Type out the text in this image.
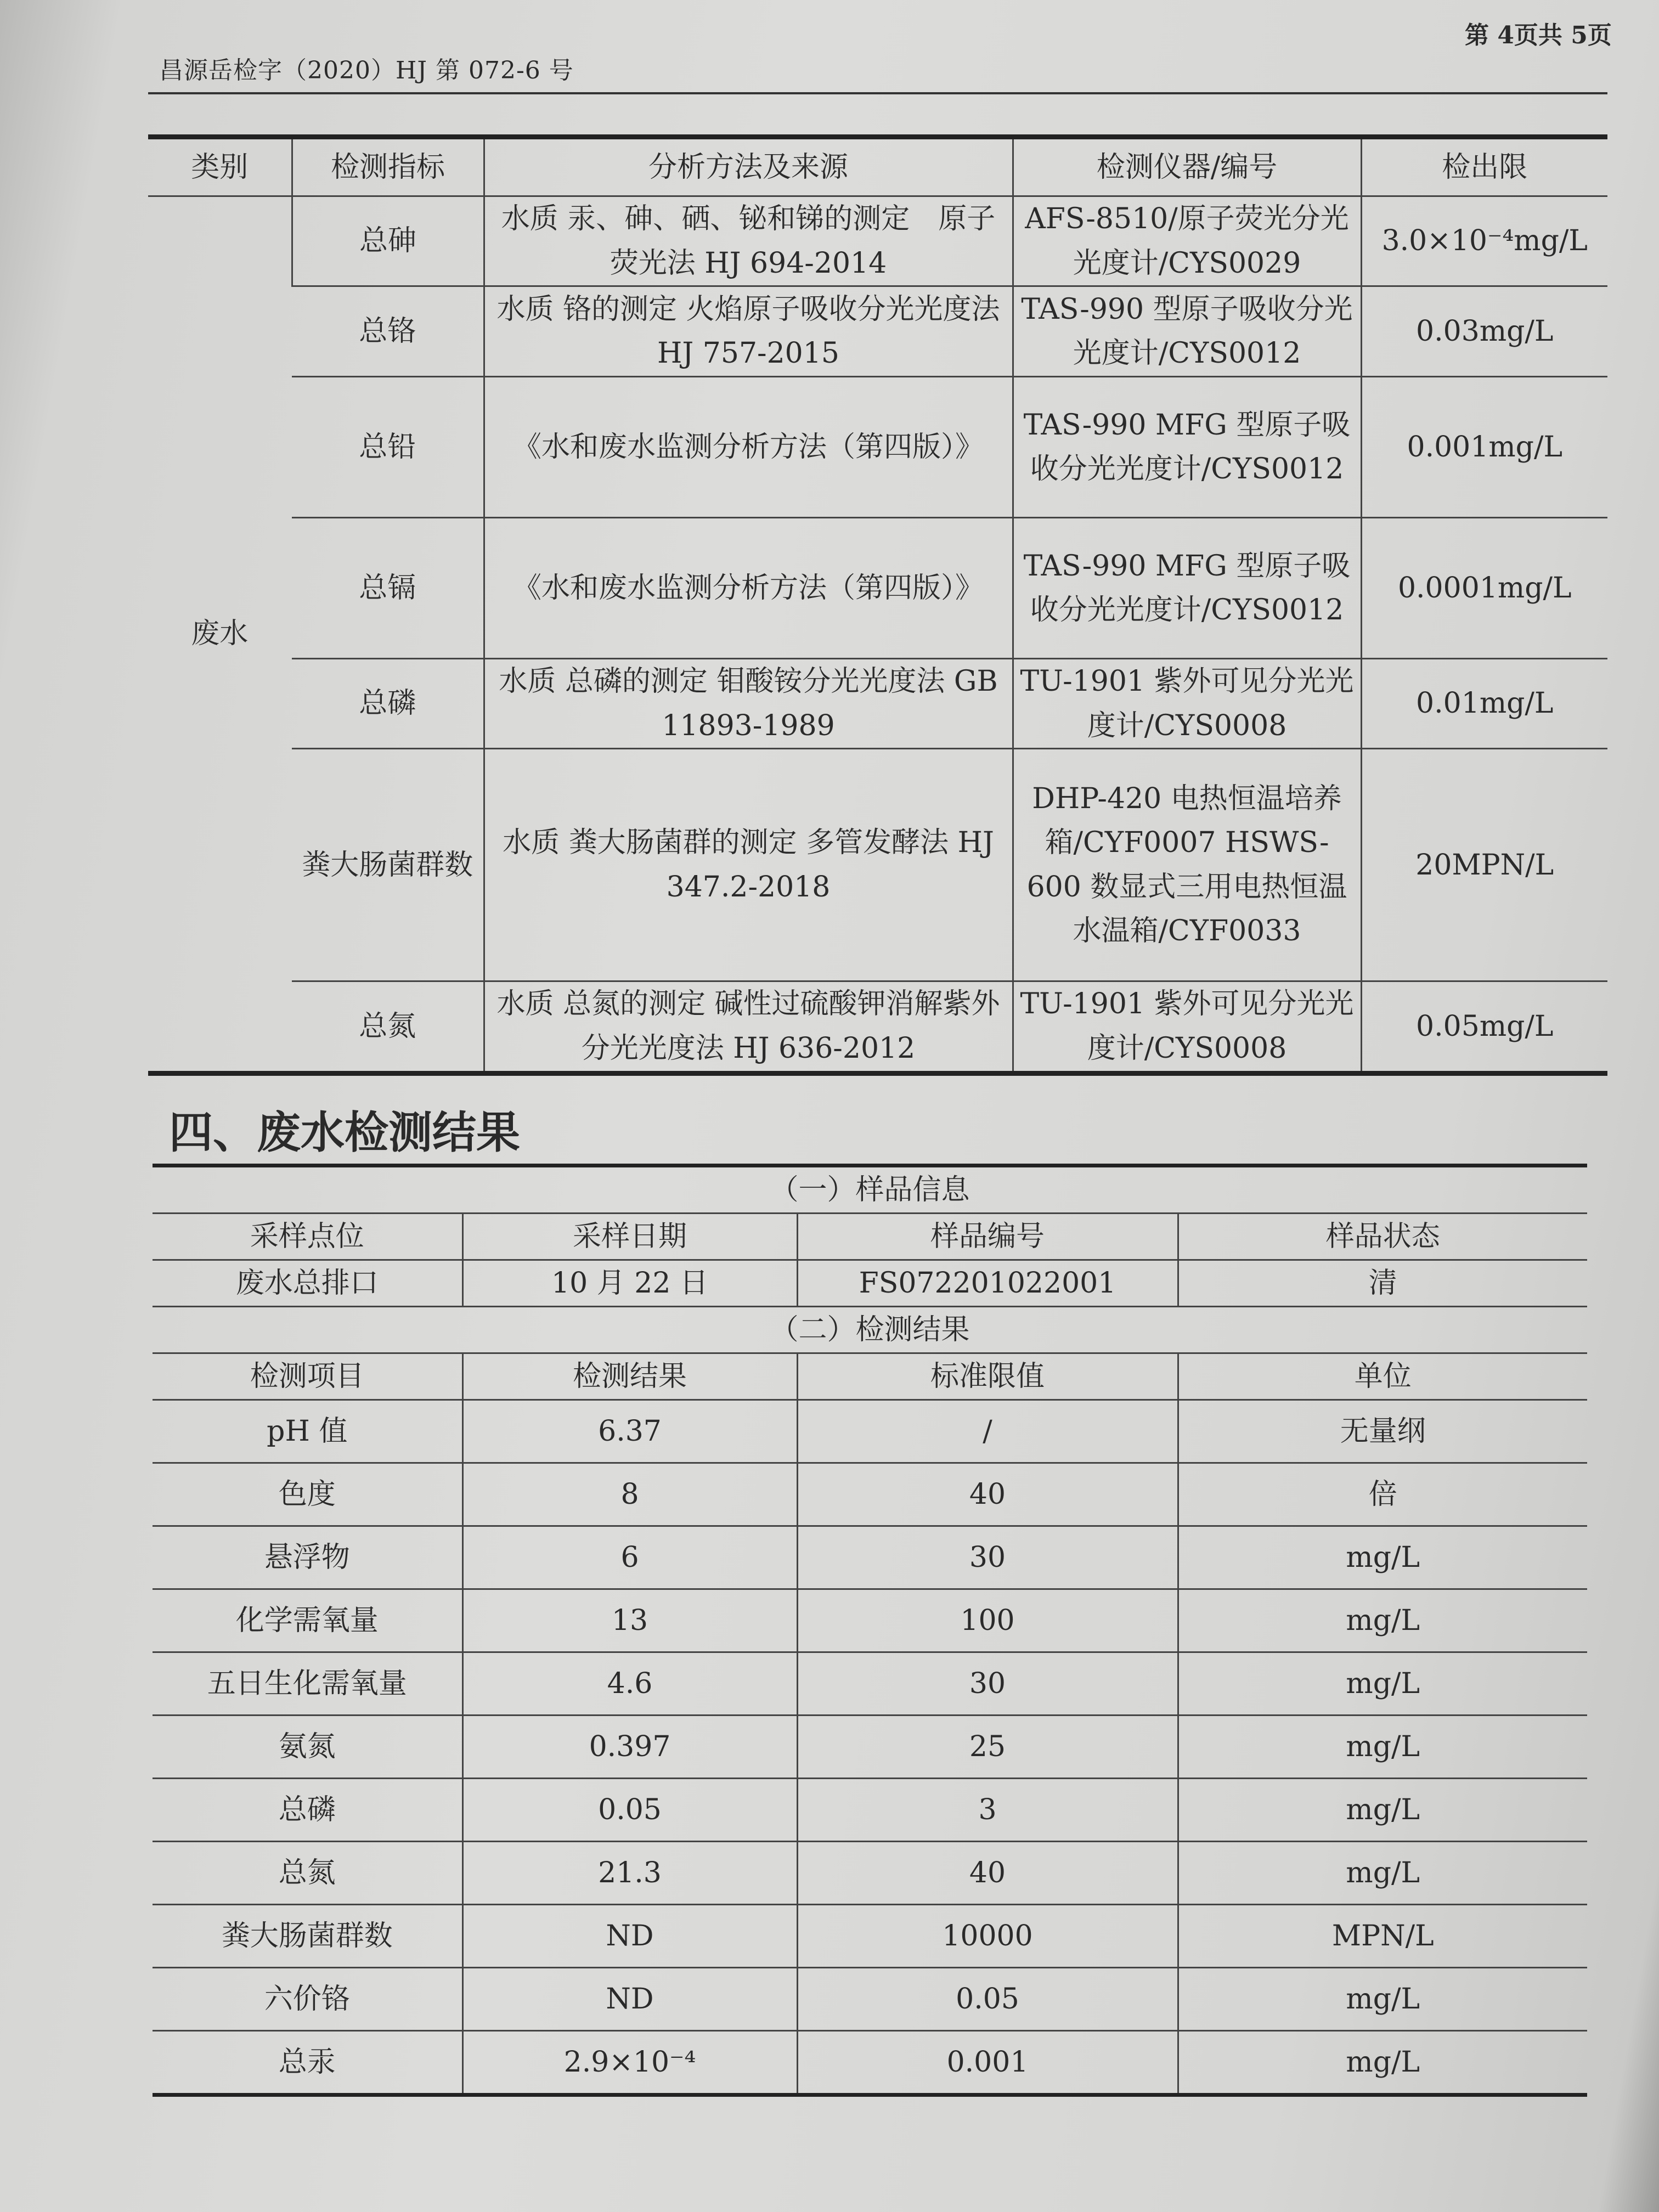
昌源岳检字（2020）HJ 第 072-6 号
第 4页共 5页
类别	检测指标	分析方法及来源	检测仪器/编号	检出限
废水	总砷	水质 汞、砷、硒、铋和锑的测定　原子荧光法 HJ 694-2014	AFS-8510/原子荧光分光光度计/CYS0029	3.0×10⁻⁴mg/L
	总铬	水质 铬的测定 火焰原子吸收分光光度法 HJ 757-2015	TAS-990 型原子吸收分光光度计/CYS0012	0.03mg/L
	总铅	《水和废水监测分析方法（第四版）》	TAS-990 MFG 型原子吸收分光光度计/CYS0012	0.001mg/L
	总镉	《水和废水监测分析方法（第四版）》	TAS-990 MFG 型原子吸收分光光度计/CYS0012	0.0001mg/L
	总磷	水质 总磷的测定 钼酸铵分光光度法 GB 11893-1989	TU-1901 紫外可见分光光度计/CYS0008	0.01mg/L
	粪大肠菌群数	水质 粪大肠菌群的测定 多管发酵法 HJ 347.2-2018	DHP-420 电热恒温培养箱/CYF0007 HSWS-600 数显式三用电热恒温水温箱/CYF0033	20MPN/L
	总氮	水质 总氮的测定 碱性过硫酸钾消解紫外分光光度法 HJ 636-2012	TU-1901 紫外可见分光光度计/CYS0008	0.05mg/L
四、废水检测结果
（一）样品信息			
采样点位	采样日期	样品编号	样品状态
废水总排口	10 月 22 日	FS072201022001	清
（二）检测结果			
检测项目	检测结果	标准限值	单位
pH 值	6.37	/	无量纲
色度	8	40	倍
悬浮物	6	30	mg/L
化学需氧量	13	100	mg/L
五日生化需氧量	4.6	30	mg/L
氨氮	0.397	25	mg/L
总磷	0.05	3	mg/L
总氮	21.3	40	mg/L
粪大肠菌群数	ND	10000	MPN/L
六价铬	ND	0.05	mg/L
总汞	2.9×10⁻⁴	0.001	mg/L
